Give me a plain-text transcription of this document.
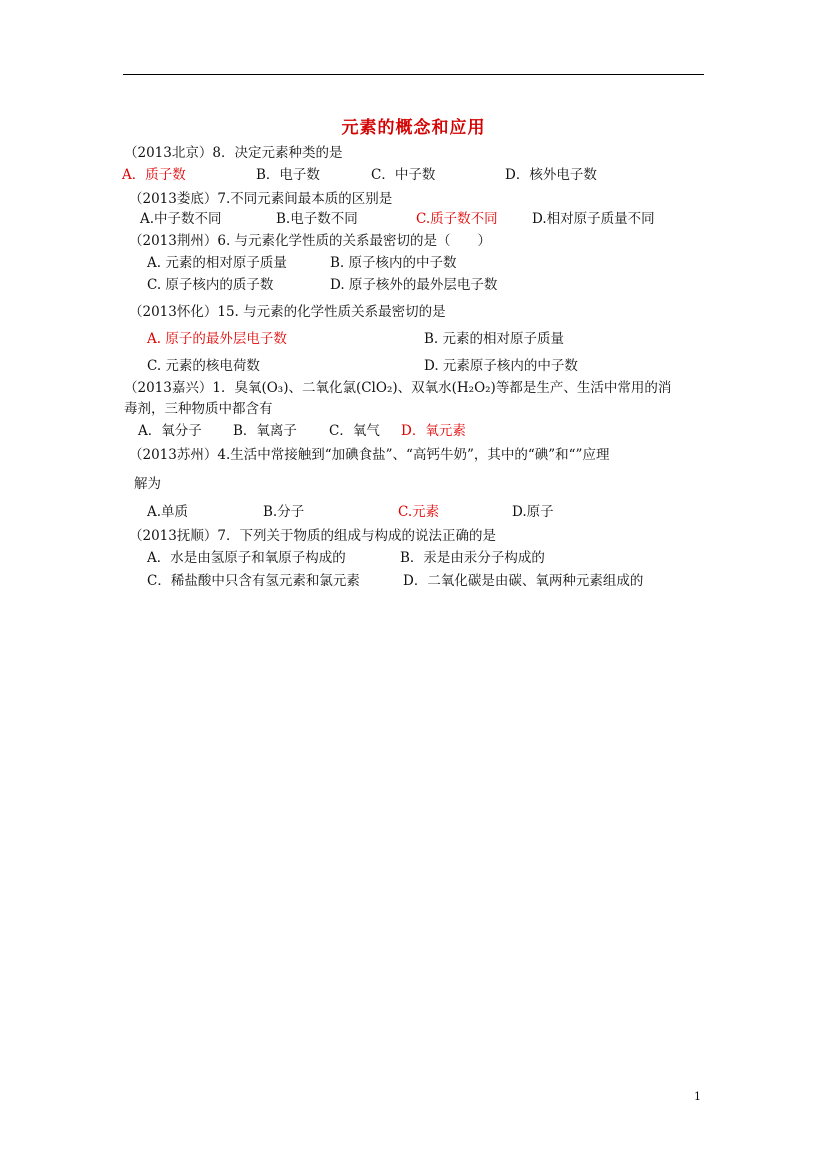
元素的概念和应用
（2013北京）8．决定元素种类的是
A．质子数	B．电子数	C．中子数	D．核外电子数
（2013娄底）7.不同元素间最本质的区别是
A.中子数不同	B.电子数不同	C.质子数不同	D.相对原子质量不同
（2013荆州）6. 与元素化学性质的关系最密切的是（　　）
A. 元素的相对原子质量	B. 原子核内的中子数
C. 原子核内的质子数	D. 原子核外的最外层电子数
（2013怀化）15. 与元素的化学性质关系最密切的是
A. 原子的最外层电子数	B. 元素的相对原子质量
C. 元素的核电荷数	D. 元素原子核内的中子数
（2013嘉兴）1．臭氧(O₃)、二氧化氯(ClO₂)、双氧水(H₂O₂)等都是生产、生活中常用的消
毒剂，三种物质中都含有
A．氧分子 B．氧离子 C．氧气 D．氧元素
（2013苏州）4.生活中常接触到“加碘食盐”、“高钙牛奶”，其中的“碘”和“”应理
解为
A.单质	B.分子	C.元素	D.原子
（2013抚顺）7．下列关于物质的组成与构成的说法正确的是
A．水是由氢原子和氧原子构成的	B．汞是由汞分子构成的
C．稀盐酸中只含有氢元素和氯元素	D．二氧化碳是由碳、氧两种元素组成的
1
